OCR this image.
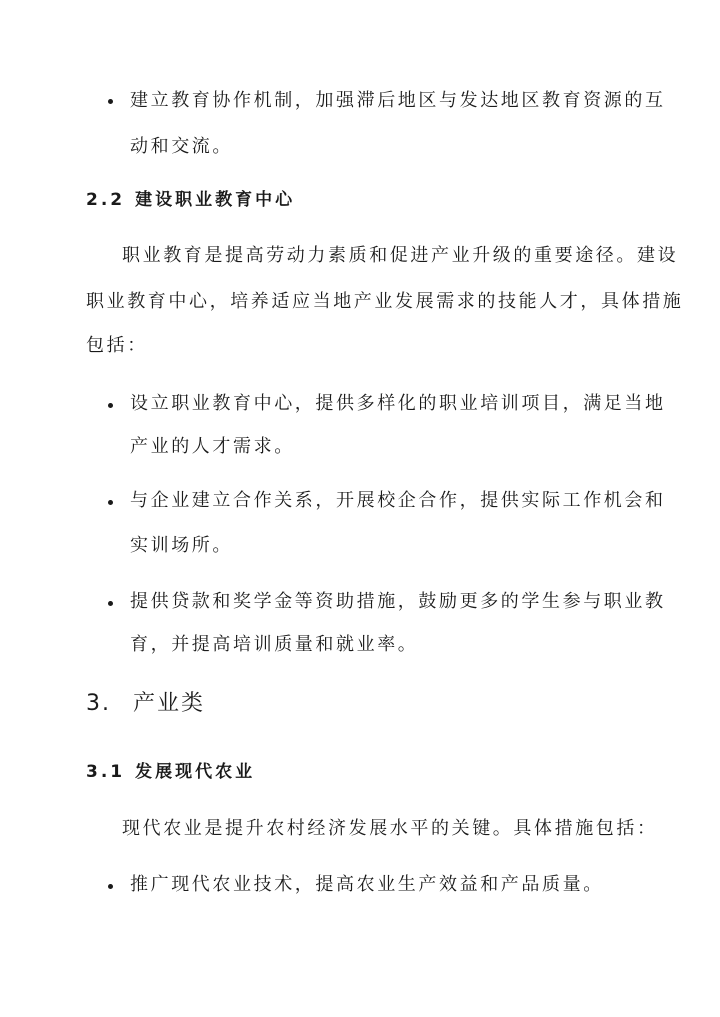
建立教育协作机制，加强滞后地区与发达地区教育资源的互
动和交流。
2.2 建设职业教育中心
职业教育是提高劳动力素质和促进产业升级的重要途径。建设
职业教育中心，培养适应当地产业发展需求的技能人才，具体措施
包括：
设立职业教育中心，提供多样化的职业培训项目，满足当地
产业的人才需求。
与企业建立合作关系，开展校企合作，提供实际工作机会和
实训场所。
提供贷款和奖学金等资助措施，鼓励更多的学生参与职业教
育，并提高培训质量和就业率。
3. 产业类
3.1 发展现代农业
现代农业是提升农村经济发展水平的关键。具体措施包括：
推广现代农业技术，提高农业生产效益和产品质量。
